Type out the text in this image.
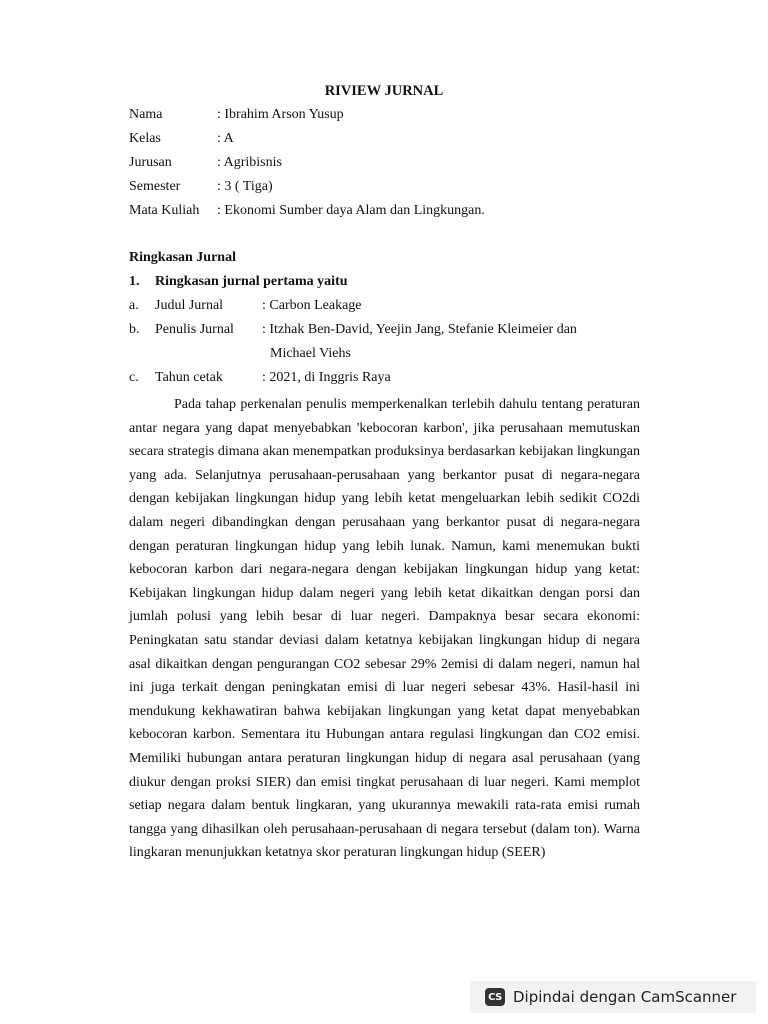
RIVIEW JURNAL
Nama	: Ibrahim Arson Yusup
Kelas	: A
Jurusan	: Agribisnis
Semester	: 3 ( Tiga)
Mata Kuliah : Ekonomi Sumber daya Alam dan Lingkungan.
Ringkasan Jurnal
1. Ringkasan jurnal pertama yaitu
a. Judul Jurnal	: Carbon Leakage
b. Penulis Jurnal : Itzhak Ben-David, Yeejin Jang, Stefanie Kleimeier dan
Michael Viehs
c. Tahun cetak	: 2021, di Inggris Raya

Pada tahap perkenalan penulis memperkenalkan terlebih dahulu tentang peraturan antar negara yang dapat menyebabkan 'kebocoran karbon', jika perusahaan memutuskan secara strategis dimana akan menempatkan produksinya berdasarkan kebijakan lingkungan yang ada. Selanjutnya perusahaan-perusahaan yang berkantor pusat di negara-negara dengan kebijakan lingkungan hidup yang lebih ketat mengeluarkan lebih sedikit CO2di dalam negeri dibandingkan dengan perusahaan yang berkantor pusat di negara-negara dengan peraturan lingkungan hidup yang lebih lunak. Namun, kami menemukan bukti kebocoran karbon dari negara-negara dengan kebijakan lingkungan hidup yang ketat: Kebijakan lingkungan hidup dalam negeri yang lebih ketat dikaitkan dengan porsi dan jumlah polusi yang lebih besar di luar negeri. Dampaknya besar secara ekonomi: Peningkatan satu standar deviasi dalam ketatnya kebijakan lingkungan hidup di negara asal dikaitkan dengan pengurangan CO2 sebesar 29% 2emisi di dalam negeri, namun hal ini juga terkait dengan peningkatan emisi di luar negeri sebesar 43%. Hasil-hasil ini mendukung kekhawatiran bahwa kebijakan lingkungan yang ketat dapat menyebabkan kebocoran karbon. Sementara itu Hubungan antara regulasi lingkungan dan CO2 emisi. Memiliki hubungan antara peraturan lingkungan hidup di negara asal perusahaan (yang diukur dengan proksi SIER) dan emisi tingkat perusahaan di luar negeri. Kami memplot setiap negara dalam bentuk lingkaran, yang ukurannya mewakili rata-rata emisi rumah tangga yang dihasilkan oleh perusahaan-perusahaan di negara tersebut (dalam ton). Warna lingkaran menunjukkan ketatnya skor peraturan lingkungan hidup (SEER)

CS Dipindai dengan CamScanner
